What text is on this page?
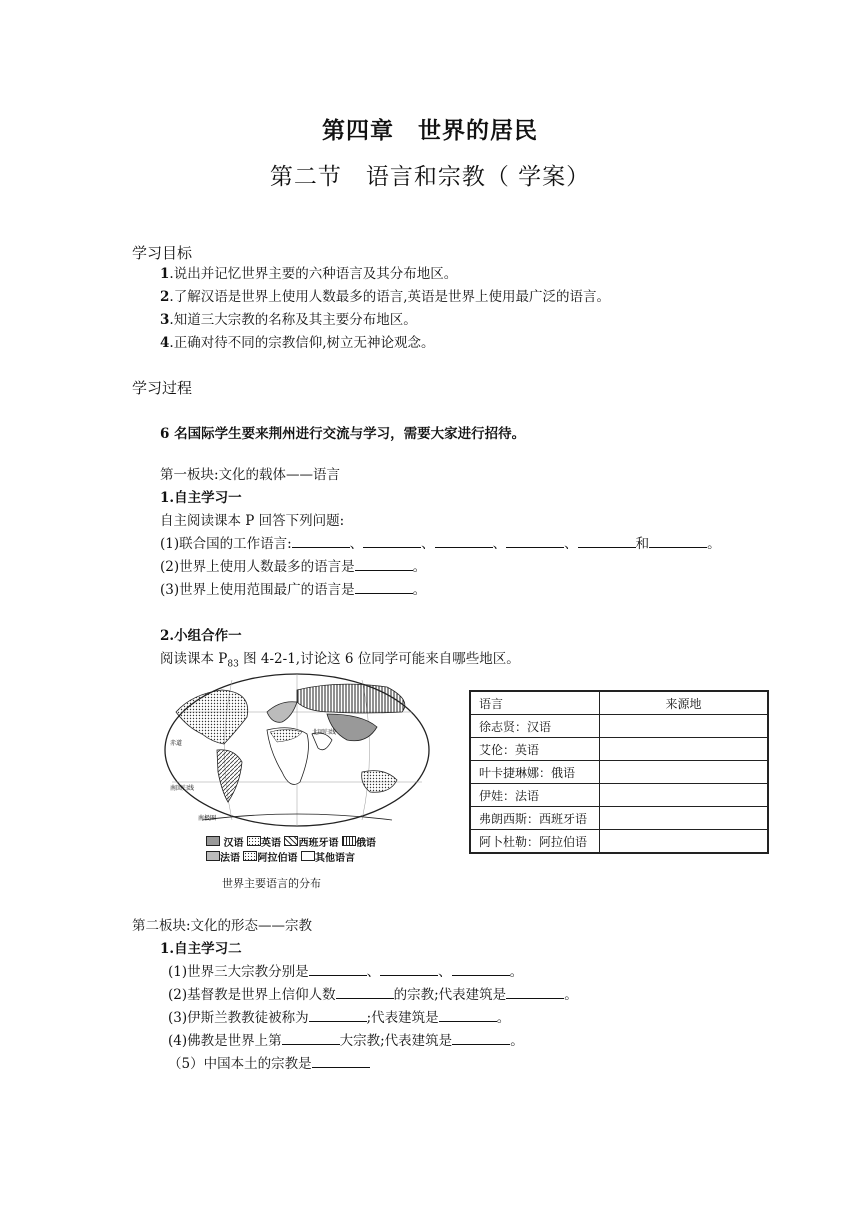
第四章　世界的居民
第二节　语言和宗教（ 学案）
学习目标
1.说出并记忆世界主要的六种语言及其分布地区。
2.了解汉语是世界上使用人数最多的语言,英语是世界上使用最广泛的语言。
3.知道三大宗教的名称及其主要分布地区。
4.正确对待不同的宗教信仰,树立无神论观念。
学习过程
6 名国际学生要来荆州进行交流与学习，需要大家进行招待。
第一板块:文化的载体——语言
1.自主学习一
自主阅读课本 P 回答下列问题:
(1)联合国的工作语言:	、	、	、	、	和	。
(2)世界上使用人数最多的语言是	。
(3)世界上使用范围最广的语言是	。
2.小组合作一
阅读课本 $P_{83}$ 图 4-2-1,讨论这 6 位同学可能来自哪些地区。
赤道
北回归线
南回归线
南极圈
汉语 英语 西班牙语 俄语
法语 阿拉伯语 其他语言
世界主要语言的分布
语言	来源地
徐志贤：汉语	
艾伦：英语	
叶卡捷琳娜：俄语	
伊娃：法语	
弗朗西斯：西班牙语	
阿卜杜勒：阿拉伯语	
第二板块:文化的形态——宗教
1.自主学习二
(1)世界三大宗教分别是	、	、	。
(2)基督教是世界上信仰人数	的宗教;代表建筑是	。
(3)伊斯兰教教徒被称为	;代表建筑是	。
(4)佛教是世界上第	大宗教;代表建筑是	。
（5）中国本土的宗教是
